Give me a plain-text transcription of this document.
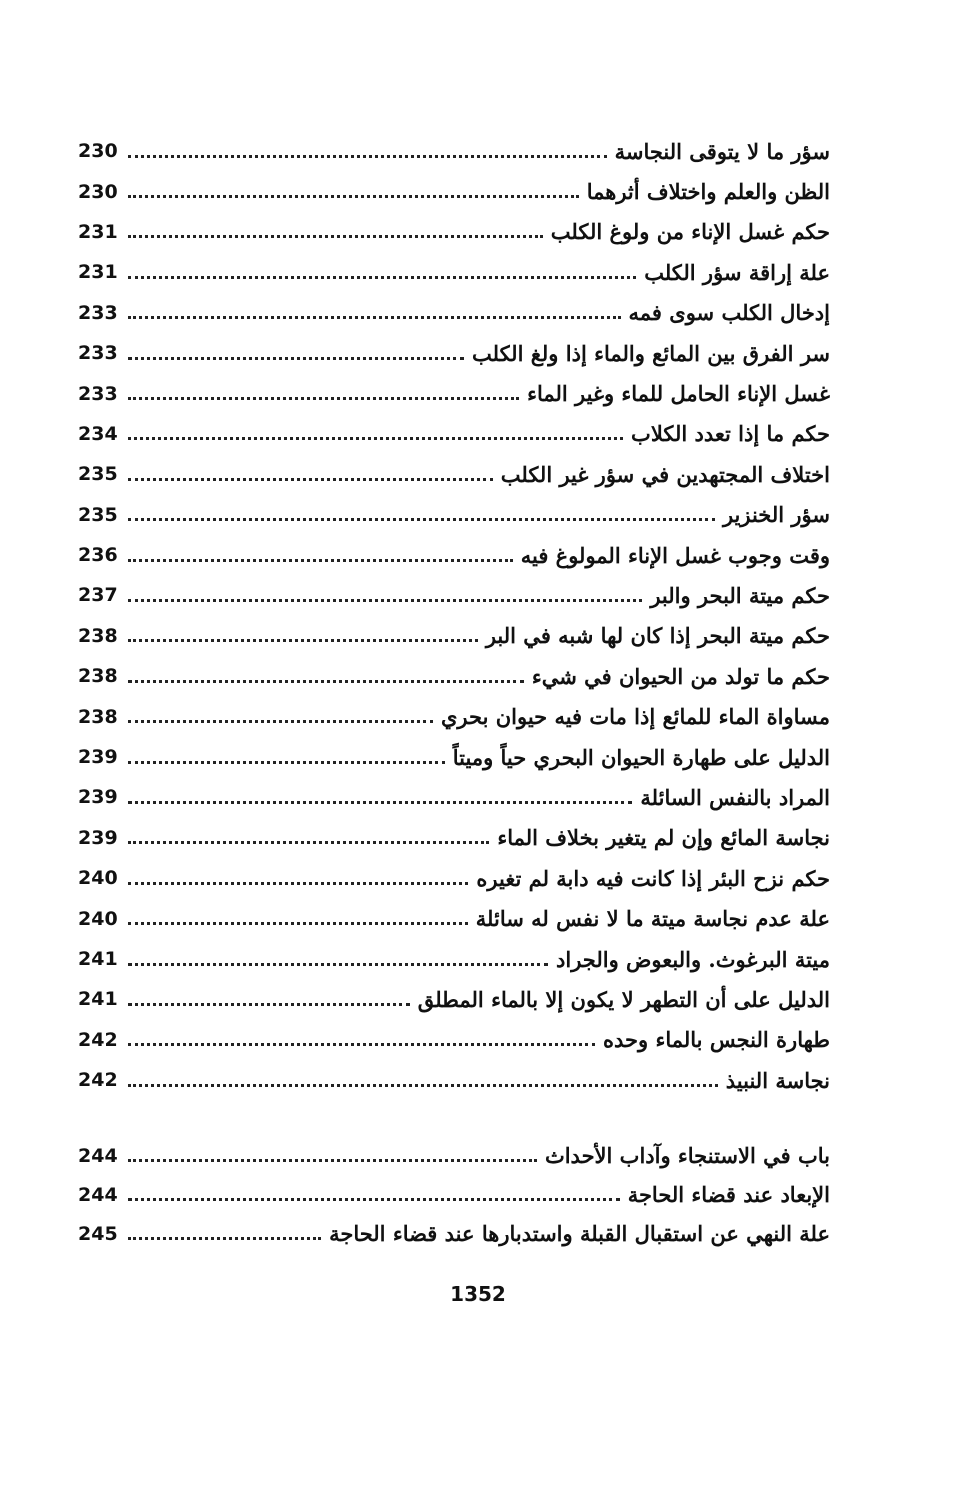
سؤر ما لا يتوقى النجاسة
230
الظن والعلم واختلاف أثرهما
230
حكم غسل الإناء من ولوغ الكلب
231
علة إراقة سؤر الكلب
231
إدخال الكلب سوى فمه
233
سر الفرق بين المائع والماء إذا ولغ الكلب
233
غسل الإناء الحامل للماء وغير الماء
233
حكم ما إذا تعدد الكلاب
234
اختلاف المجتهدين في سؤر غير الكلب
235
سؤر الخنزير
235
وقت وجوب غسل الإناء المولوغ فيه
236
حكم ميتة البحر والبر
237
حكم ميتة البحر إذا كان لها شبه في البر
238
حكم ما تولد من الحيوان في شيء
238
مساواة الماء للمائع إذا مات فيه حيوان بحري
238
الدليل على طهارة الحيوان البحري حياً وميتاً
239
المراد بالنفس السائلة
239
نجاسة المائع وإن لم يتغير بخلاف الماء
239
حكم نزح البئر إذا كانت فيه دابة لم تغيره
240
علة عدم نجاسة ميتة ما لا نفس له سائلة
240
ميتة البرغوث. والبعوض والجراد
241
الدليل على أن التطهر لا يكون إلا بالماء المطلق
241
طهارة النجس بالماء وحده
242
نجاسة النبيذ
242
باب في الاستنجاء وآداب الأحداث
244
الإبعاد عند قضاء الحاجة
244
علة النهي عن استقبال القبلة واستدبارها عند قضاء الحاجة
245
1352
